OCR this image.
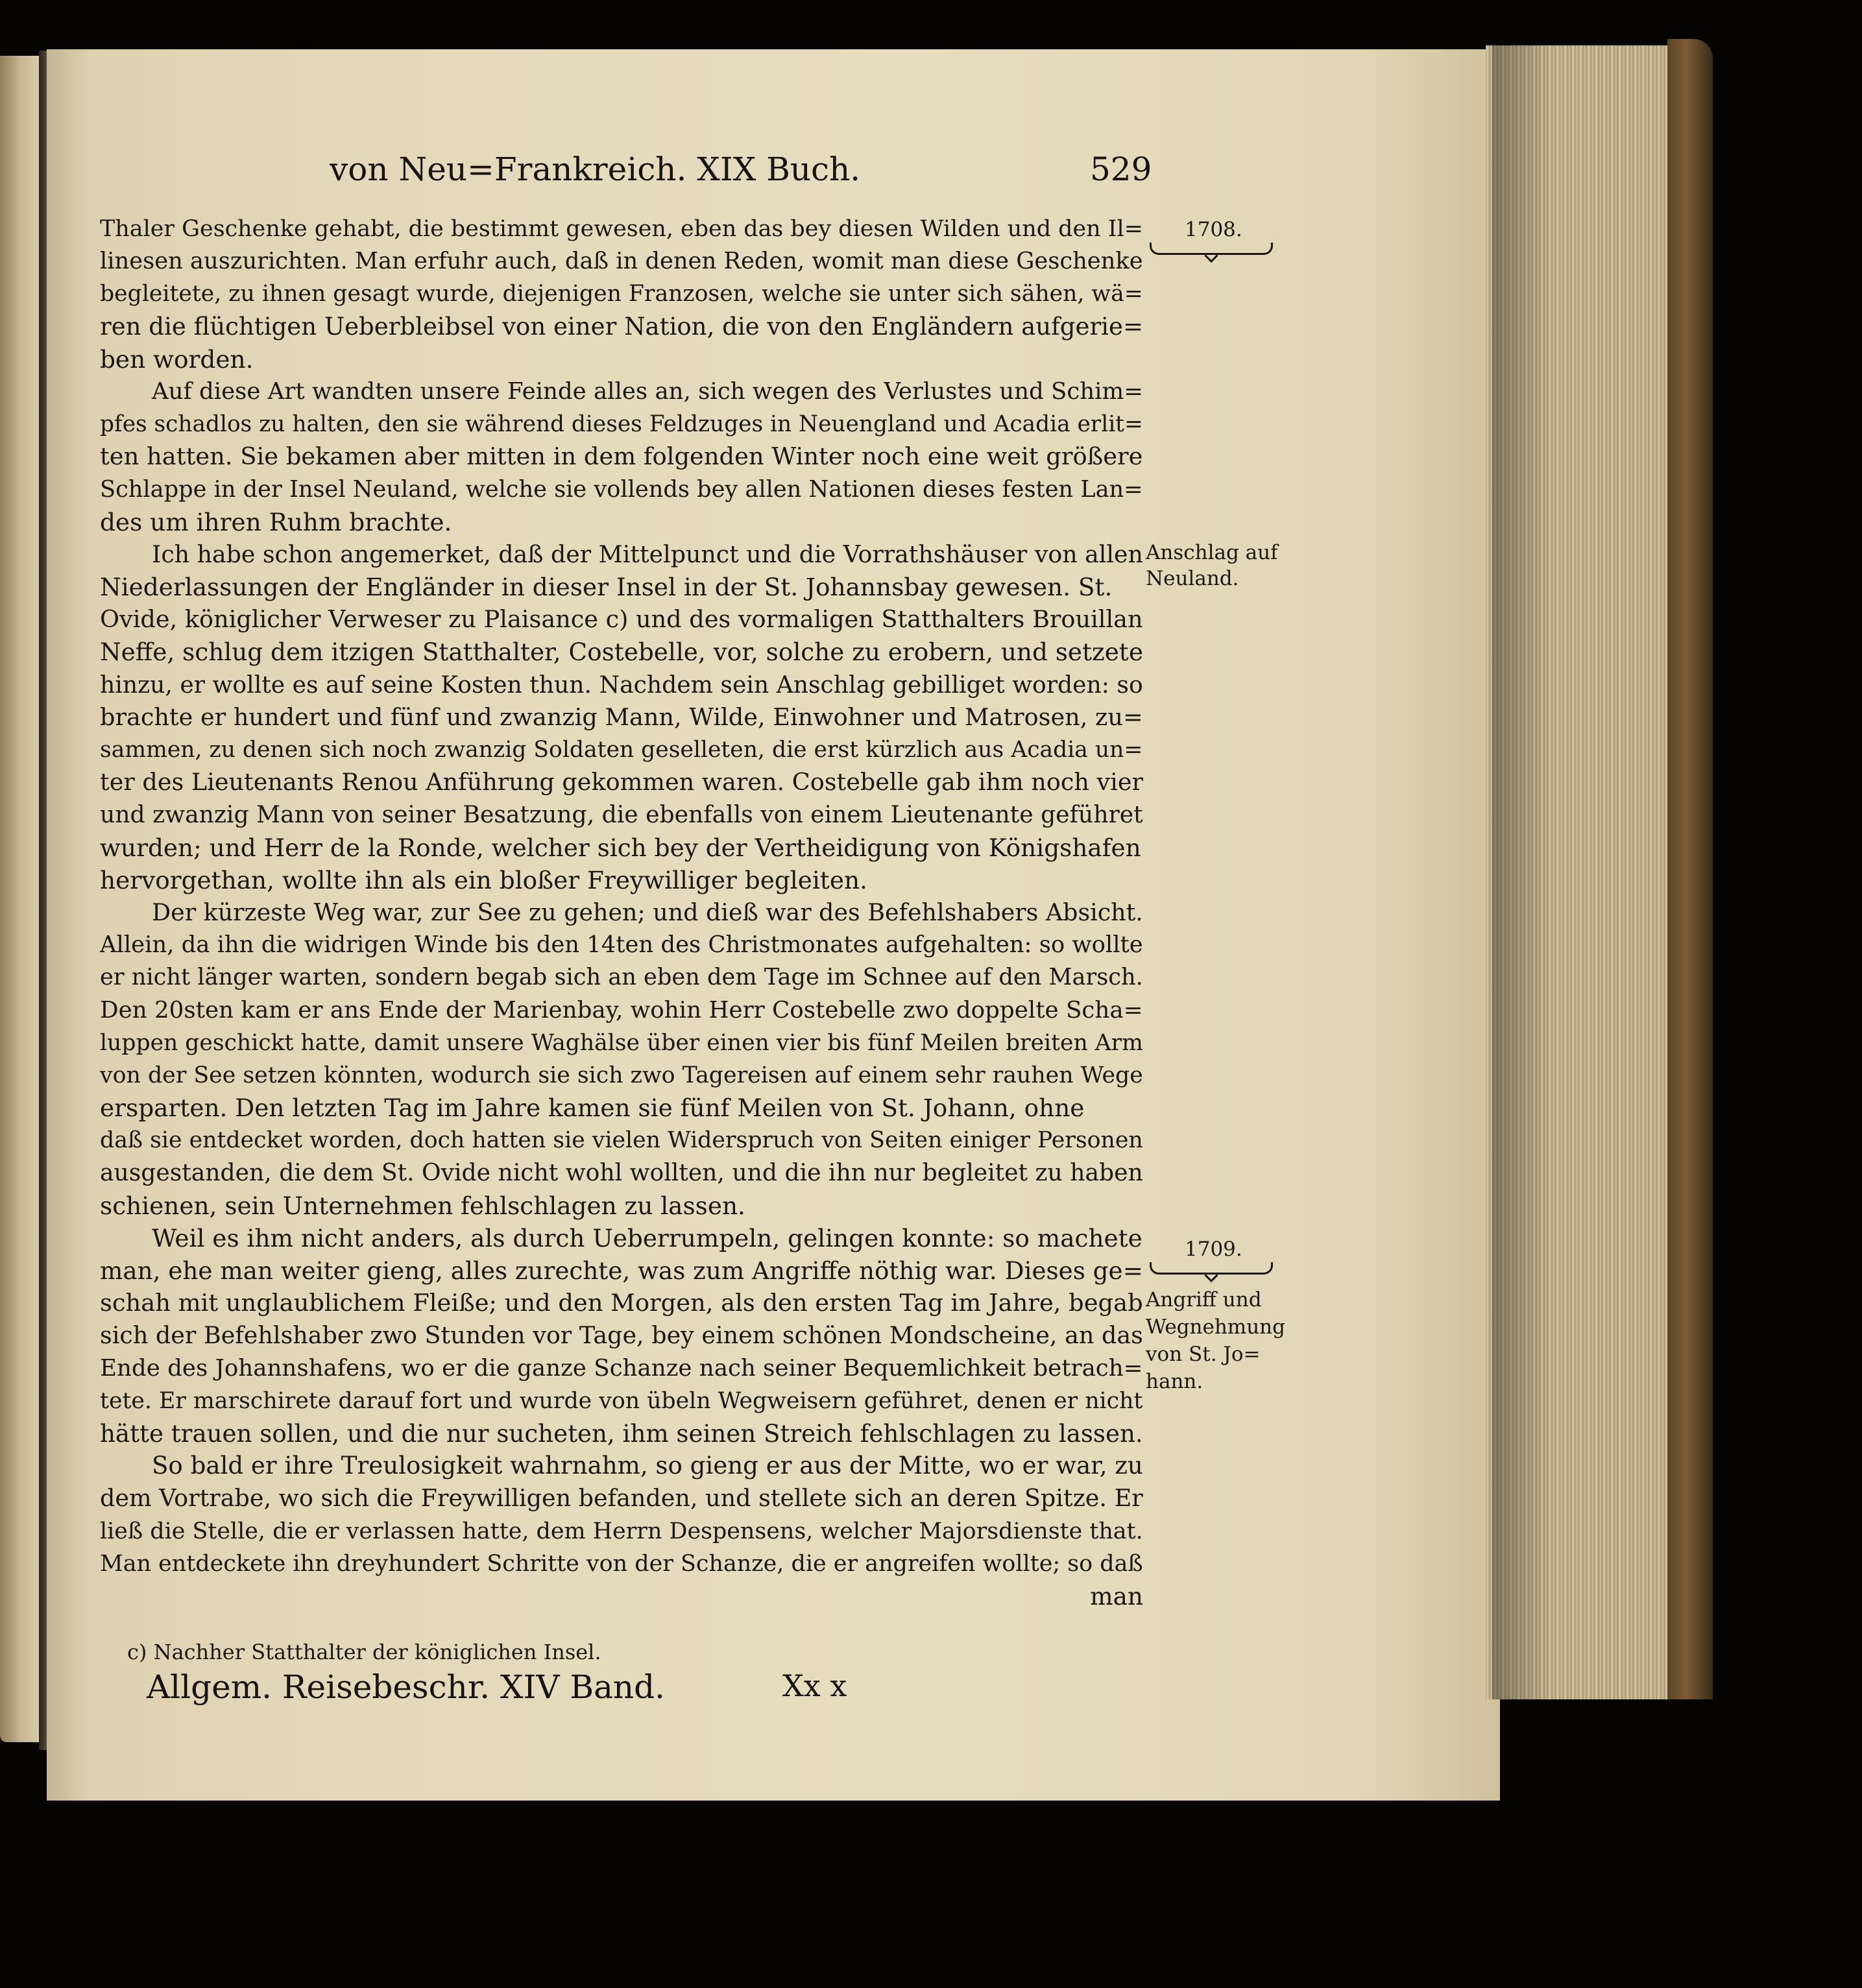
von Neu=Frankreich. XIX Buch.	529
Thaler Geschenke gehabt, die bestimmt gewesen, eben das bey diesen Wilden und den Il=
linesen auszurichten. Man erfuhr auch, daß in denen Reden, womit man diese Geschenke
begleitete, zu ihnen gesagt wurde, diejenigen Franzosen, welche sie unter sich sähen, wä=
ren die flüchtigen Ueberbleibsel von einer Nation, die von den Engländern aufgerie=
ben worden.
Auf diese Art wandten unsere Feinde alles an, sich wegen des Verlustes und Schim=
pfes schadlos zu halten, den sie während dieses Feldzuges in Neuengland und Acadia erlit=
ten hatten. Sie bekamen aber mitten in dem folgenden Winter noch eine weit größere
Schlappe in der Insel Neuland, welche sie vollends bey allen Nationen dieses festen Lan=
des um ihren Ruhm brachte.
Ich habe schon angemerket, daß der Mittelpunct und die Vorrathshäuser von allen
Niederlassungen der Engländer in dieser Insel in der St. Johannsbay gewesen. St.
Ovide, königlicher Verweser zu Plaisance c) und des vormaligen Statthalters Brouillan
Neffe, schlug dem itzigen Statthalter, Costebelle, vor, solche zu erobern, und setzete
hinzu, er wollte es auf seine Kosten thun. Nachdem sein Anschlag gebilliget worden: so
brachte er hundert und fünf und zwanzig Mann, Wilde, Einwohner und Matrosen, zu=
sammen, zu denen sich noch zwanzig Soldaten geselleten, die erst kürzlich aus Acadia un=
ter des Lieutenants Renou Anführung gekommen waren. Costebelle gab ihm noch vier
und zwanzig Mann von seiner Besatzung, die ebenfalls von einem Lieutenante geführet
wurden; und Herr de la Ronde, welcher sich bey der Vertheidigung von Königshafen
hervorgethan, wollte ihn als ein bloßer Freywilliger begleiten.
Der kürzeste Weg war, zur See zu gehen; und dieß war des Befehlshabers Absicht.
Allein, da ihn die widrigen Winde bis den 14ten des Christmonates aufgehalten: so wollte
er nicht länger warten, sondern begab sich an eben dem Tage im Schnee auf den Marsch.
Den 20sten kam er ans Ende der Marienbay, wohin Herr Costebelle zwo doppelte Scha=
luppen geschickt hatte, damit unsere Waghälse über einen vier bis fünf Meilen breiten Arm
von der See setzen könnten, wodurch sie sich zwo Tagereisen auf einem sehr rauhen Wege
ersparten. Den letzten Tag im Jahre kamen sie fünf Meilen von St. Johann, ohne
daß sie entdecket worden, doch hatten sie vielen Widerspruch von Seiten einiger Personen
ausgestanden, die dem St. Ovide nicht wohl wollten, und die ihn nur begleitet zu haben
schienen, sein Unternehmen fehlschlagen zu lassen.
Weil es ihm nicht anders, als durch Ueberrumpeln, gelingen konnte: so machete
man, ehe man weiter gieng, alles zurechte, was zum Angriffe nöthig war. Dieses ge=
schah mit unglaublichem Fleiße; und den Morgen, als den ersten Tag im Jahre, begab
sich der Befehlshaber zwo Stunden vor Tage, bey einem schönen Mondscheine, an das
Ende des Johannshafens, wo er die ganze Schanze nach seiner Bequemlichkeit betrach=
tete. Er marschirete darauf fort und wurde von übeln Wegweisern geführet, denen er nicht
hätte trauen sollen, und die nur sucheten, ihm seinen Streich fehlschlagen zu lassen.
So bald er ihre Treulosigkeit wahrnahm, so gieng er aus der Mitte, wo er war, zu
dem Vortrabe, wo sich die Freywilligen befanden, und stellete sich an deren Spitze. Er
ließ die Stelle, die er verlassen hatte, dem Herrn Despensens, welcher Majorsdienste that.
Man entdeckete ihn dreyhundert Schritte von der Schanze, die er angreifen wollte; so daß
man
1708.
Anschlag auf
Neuland.
1709.
Angriff und
Wegnehmung
von St. Jo=
hann.
c) Nachher Statthalter der königlichen Insel.
Allgem. Reisebeschr. XIV Band.	Xx x
